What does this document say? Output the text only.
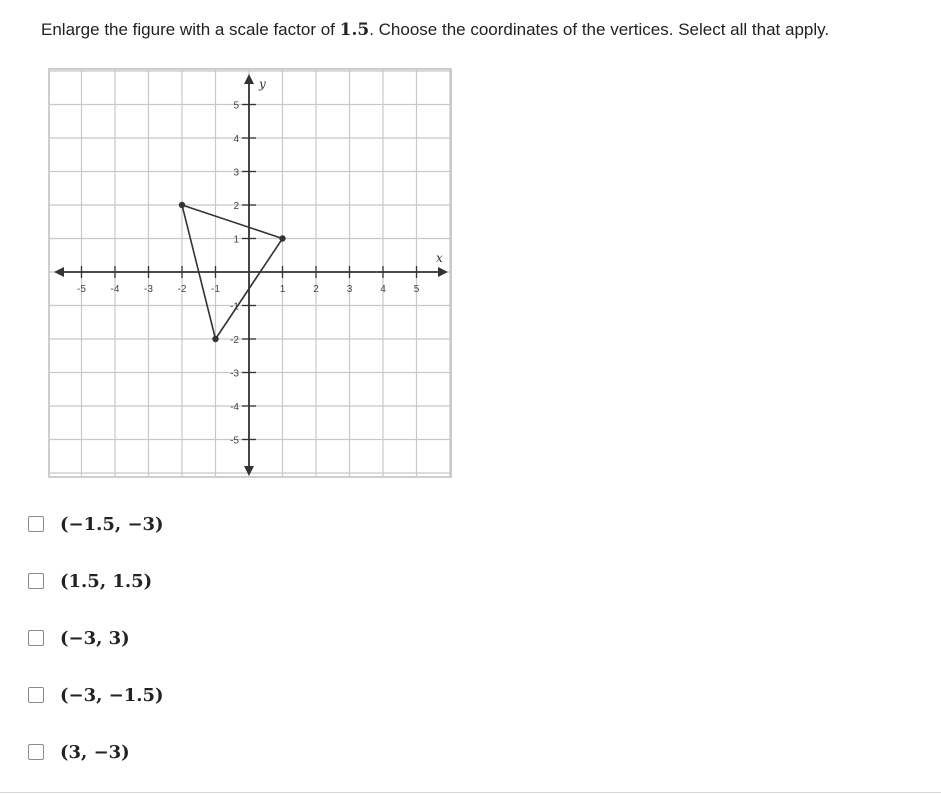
Enlarge the figure with a scale factor of 1.5. Choose the coordinates of the vertices. Select all that apply.
-5 -4 -3 -2 -1	1	2	3	4	5
5
4
3
2
1
-1
-2
-3
-4
-5
x
y
(−1.5, −3)
(1.5, 1.5)
(−3, 3)
(−3, −1.5)
(3, −3)
